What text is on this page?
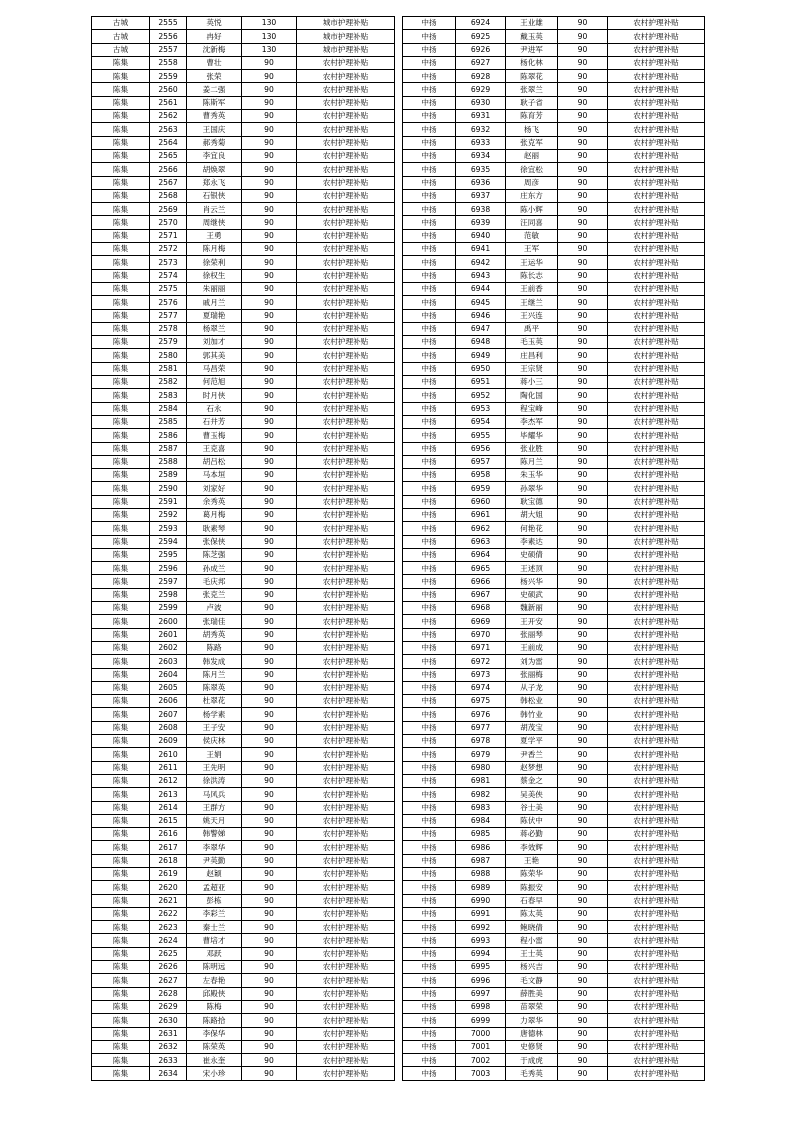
古城	2555	英悦	130	城市护理补贴
古城	2556	冉好	130	城市护理补贴
古城	2557	沈新梅	130	城市护理补贴
陈集	2558	曹壮	90	农村护理补贴
陈集	2559	张荣	90	农村护理补贴
陈集	2560	姜二强	90	农村护理补贴
陈集	2561	陈斯军	90	农村护理补贴
陈集	2562	曹秀英	90	农村护理补贴
陈集	2563	王国庆	90	农村护理补贴
陈集	2564	郝秀菊	90	农村护理补贴
陈集	2565	李宜良	90	农村护理补贴
陈集	2566	胡焕翠	90	农村护理补贴
陈集	2567	郑永飞	90	农村护理补贴
陈集	2568	石银侠	90	农村护理补贴
陈集	2569	肖云兰	90	农村护理补贴
陈集	2570	周继侠	90	农村护理补贴
陈集	2571	王勇	90	农村护理补贴
陈集	2572	陈月梅	90	农村护理补贴
陈集	2573	徐荣利	90	农村护理补贴
陈集	2574	徐权生	90	农村护理补贴
陈集	2575	朱丽丽	90	农村护理补贴
陈集	2576	戚月兰	90	农村护理补贴
陈集	2577	夏瑞艳	90	农村护理补贴
陈集	2578	杨翠兰	90	农村护理补贴
陈集	2579	刘加才	90	农村护理补贴
陈集	2580	郭其美	90	农村护理补贴
陈集	2581	马昌荣	90	农村护理补贴
陈集	2582	何范旭	90	农村护理补贴
陈集	2583	时月侠	90	农村护理补贴
陈集	2584	石永	90	农村护理补贴
陈集	2585	石井芳	90	农村护理补贴
陈集	2586	曹玉梅	90	农村护理补贴
陈集	2587	王克喜	90	农村护理补贴
陈集	2588	胡吕松	90	农村护理补贴
陈集	2589	马本垣	90	农村护理补贴
陈集	2590	刘家好	90	农村护理补贴
陈集	2591	余秀英	90	农村护理补贴
陈集	2592	葛月梅	90	农村护理补贴
陈集	2593	耿素琴	90	农村护理补贴
陈集	2594	张保侠	90	农村护理补贴
陈集	2595	陈芝强	90	农村护理补贴
陈集	2596	孙成兰	90	农村护理补贴
陈集	2597	毛庆邦	90	农村护理补贴
陈集	2598	张克兰	90	农村护理补贴
陈集	2599	卢波	90	农村护理补贴
陈集	2600	张瑞佳	90	农村护理补贴
陈集	2601	胡秀英	90	农村护理补贴
陈集	2602	陈路	90	农村护理补贴
陈集	2603	韩发成	90	农村护理补贴
陈集	2604	陈月兰	90	农村护理补贴
陈集	2605	陈翠英	90	农村护理补贴
陈集	2606	杜翠花	90	农村护理补贴
陈集	2607	杨学素	90	农村护理补贴
陈集	2608	王子安	90	农村护理补贴
陈集	2609	侯庆林	90	农村护理补贴
陈集	2610	王娟	90	农村护理补贴
陈集	2611	王先明	90	农村护理补贴
陈集	2612	徐洪涛	90	农村护理补贴
陈集	2613	马风兵	90	农村护理补贴
陈集	2614	王群方	90	农村护理补贴
陈集	2615	姚天月	90	农村护理补贴
陈集	2616	韩警娣	90	农村护理补贴
陈集	2617	李翠华	90	农村护理补贴
陈集	2618	尹英勤	90	农村护理补贴
陈集	2619	赵颖	90	农村护理补贴
陈集	2620	孟超亚	90	农村护理补贴
陈集	2621	彭栋	90	农村护理补贴
陈集	2622	李彩兰	90	农村护理补贴
陈集	2623	秦士兰	90	农村护理补贴
陈集	2624	曹培才	90	农村护理补贴
陈集	2625	邓跃	90	农村护理补贴
陈集	2626	陈明远	90	农村护理补贴
陈集	2627	左春艳	90	农村护理补贴
陈集	2628	邱殿侠	90	农村护理补贴
陈集	2629	陈梅	90	农村护理补贴
陈集	2630	陈路拾	90	农村护理补贴
陈集	2631	李保华	90	农村护理补贴
陈集	2632	陈荣英	90	农村护理补贴
陈集	2633	崔永奎	90	农村护理补贴
陈集	2634	宋小珍	90	农村护理补贴
中扬	6924	王业雄	90	农村护理补贴
中扬	6925	戴玉英	90	农村护理补贴
中扬	6926	尹进军	90	农村护理补贴
中扬	6927	杨化林	90	农村护理补贴
中扬	6928	陈翠花	90	农村护理补贴
中扬	6929	张翠兰	90	农村护理补贴
中扬	6930	耿子省	90	农村护理补贴
中扬	6931	陈育芳	90	农村护理补贴
中扬	6932	杨飞	90	农村护理补贴
中扬	6933	张克军	90	农村护理补贴
中扬	6934	赵丽	90	农村护理补贴
中扬	6935	徐宜松	90	农村护理补贴
中扬	6936	周彦	90	农村护理补贴
中扬	6937	庄东方	90	农村护理补贴
中扬	6938	陈小辉	90	农村护理补贴
中扬	6939	汪同喜	90	农村护理补贴
中扬	6940	范敏	90	农村护理补贴
中扬	6941	王军	90	农村护理补贴
中扬	6942	王运华	90	农村护理补贴
中扬	6943	陈长志	90	农村护理补贴
中扬	6944	王前香	90	农村护理补贴
中扬	6945	王继兰	90	农村护理补贴
中扬	6946	王兴连	90	农村护理补贴
中扬	6947	禹平	90	农村护理补贴
中扬	6948	毛玉英	90	农村护理补贴
中扬	6949	庄昌利	90	农村护理补贴
中扬	6950	王宗贤	90	农村护理补贴
中扬	6951	蒋小三	90	农村护理补贴
中扬	6952	陶化国	90	农村护理补贴
中扬	6953	程宝峰	90	农村护理补贴
中扬	6954	李杰军	90	农村护理补贴
中扬	6955	毕耀华	90	农村护理补贴
中扬	6956	张业胜	90	农村护理补贴
中扬	6957	陈月兰	90	农村护理补贴
中扬	6958	朱玉华	90	农村护理补贴
中扬	6959	孙翠华	90	农村护理补贴
中扬	6960	耿宝德	90	农村护理补贴
中扬	6961	胡大姐	90	农村护理补贴
中扬	6962	何艳花	90	农村护理补贴
中扬	6963	李素达	90	农村护理补贴
中扬	6964	史硕倩	90	农村护理补贴
中扬	6965	王述顶	90	农村护理补贴
中扬	6966	杨兴华	90	农村护理补贴
中扬	6967	史硕武	90	农村护理补贴
中扬	6968	魏新丽	90	农村护理补贴
中扬	6969	王开安	90	农村护理补贴
中扬	6970	张丽琴	90	农村护理补贴
中扬	6971	王前成	90	农村护理补贴
中扬	6972	刘为雷	90	农村护理补贴
中扬	6973	张丽梅	90	农村护理补贴
中扬	6974	从子龙	90	农村护理补贴
中扬	6975	韩松业	90	农村护理补贴
中扬	6976	韩竹业	90	农村护理补贴
中扬	6977	胡茂宝	90	农村护理补贴
中扬	6978	夏学平	90	农村护理补贴
中扬	6979	尹香兰	90	农村护理补贴
中扬	6980	赵梦想	90	农村护理补贴
中扬	6981	蔡金之	90	农村护理补贴
中扬	6982	吴美侠	90	农村护理补贴
中扬	6983	谷士美	90	农村护理补贴
中扬	6984	陈伏中	90	农村护理补贴
中扬	6985	蒋必勤	90	农村护理补贴
中扬	6986	李效辉	90	农村护理补贴
中扬	6987	王艳	90	农村护理补贴
中扬	6988	陈荣华	90	农村护理补贴
中扬	6989	陈振安	90	农村护理补贴
中扬	6990	石春早	90	农村护理补贴
中扬	6991	陈太英	90	农村护理补贴
中扬	6992	鲍晓倩	90	农村护理补贴
中扬	6993	程小雷	90	农村护理补贴
中扬	6994	王士英	90	农村护理补贴
中扬	6995	杨兴吉	90	农村护理补贴
中扬	6996	毛文静	90	农村护理补贴
中扬	6997	薛胜美	90	农村护理补贴
中扬	6998	苗翠荣	90	农村护理补贴
中扬	6999	力翠华	90	农村护理补贴
中扬	7000	唐德林	90	农村护理补贴
中扬	7001	史修贤	90	农村护理补贴
中扬	7002	于成虎	90	农村护理补贴
中扬	7003	毛秀英	90	农村护理补贴
